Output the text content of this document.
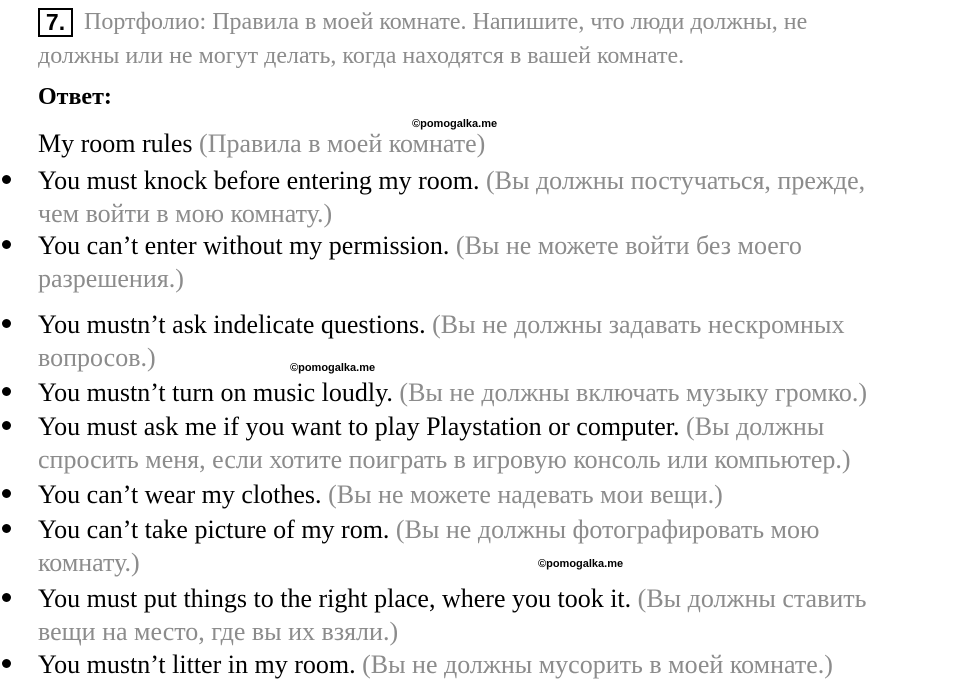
7. Портфолио: Правила в моей комнате. Напишите, что люди должны, не
должны или не могут делать, когда находятся в вашей комнате.
Ответ:
©pomogalka.me
©pomogalka.me
©pomogalka.me
My room rules (Правила в моей комнате)
You must knock before entering my room. (Вы должны постучаться, прежде,
чем войти в мою комнату.)
You can’t enter without my permission. (Вы не можете войти без моего
разрешения.)
You mustn’t ask indelicate questions. (Вы не должны задавать нескромных
вопросов.)
You mustn’t turn on music loudly. (Вы не должны включать музыку громко.)
You must ask me if you want to play Playstation or computer. (Вы должны
спросить меня, если хотите поиграть в игровую консоль или компьютер.)
You can’t wear my clothes. (Вы не можете надевать мои вещи.)
You can’t take picture of my rom. (Вы не должны фотографировать мою
комнату.)
You must put things to the right place, where you took it. (Вы должны ставить
вещи на место, где вы их взяли.)
You mustn’t litter in my room. (Вы не должны мусорить в моей комнате.)
